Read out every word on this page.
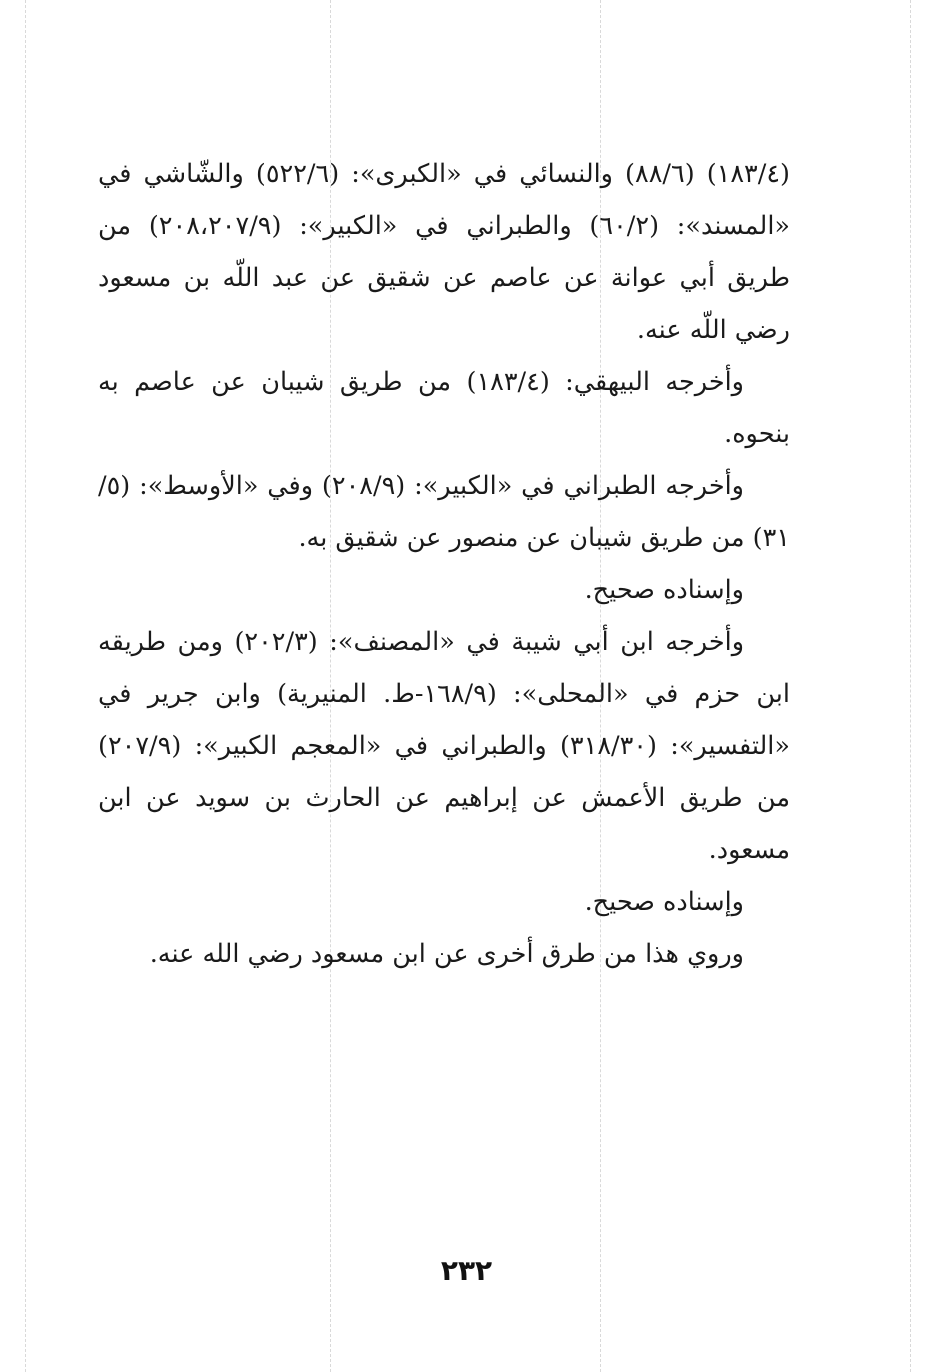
(١٨٣/٤) (٨٨/٦) والنسائي في «الكبرى»: (٥٢٢/٦) والشّاشي في «المسند»: (٦٠/٢) والطبراني في «الكبير»: (٢٠٨،٢٠٧/٩) من طريق أبي عوانة عن عاصم عن شقيق عن عبد اللّه بن مسعود رضي اللّه عنه.

وأخرجه البيهقي: (١٨٣/٤) من طريق شيبان عن عاصم به بنحوه.

وأخرجه الطبراني في «الكبير»: (٢٠٨/٩) وفي «الأوسط»: (٥/ ٣١) من طريق شيبان عن منصور عن شقيق به.

وإسناده صحيح.

وأخرجه ابن أبي شيبة في «المصنف»: (٢٠٢/٣) ومن طريقه ابن حزم في «المحلى»: (١٦٨/٩-ط. المنيرية) وابن جرير في «التفسير»: (٣١٨/٣٠) والطبراني في «المعجم الكبير»: (٢٠٧/٩) من طريق الأعمش عن إبراهيم عن الحارث بن سويد عن ابن مسعود.

وإسناده صحيح.

وروي هذا من طرق أخرى عن ابن مسعود رضي الله عنه.

٢٣٢
